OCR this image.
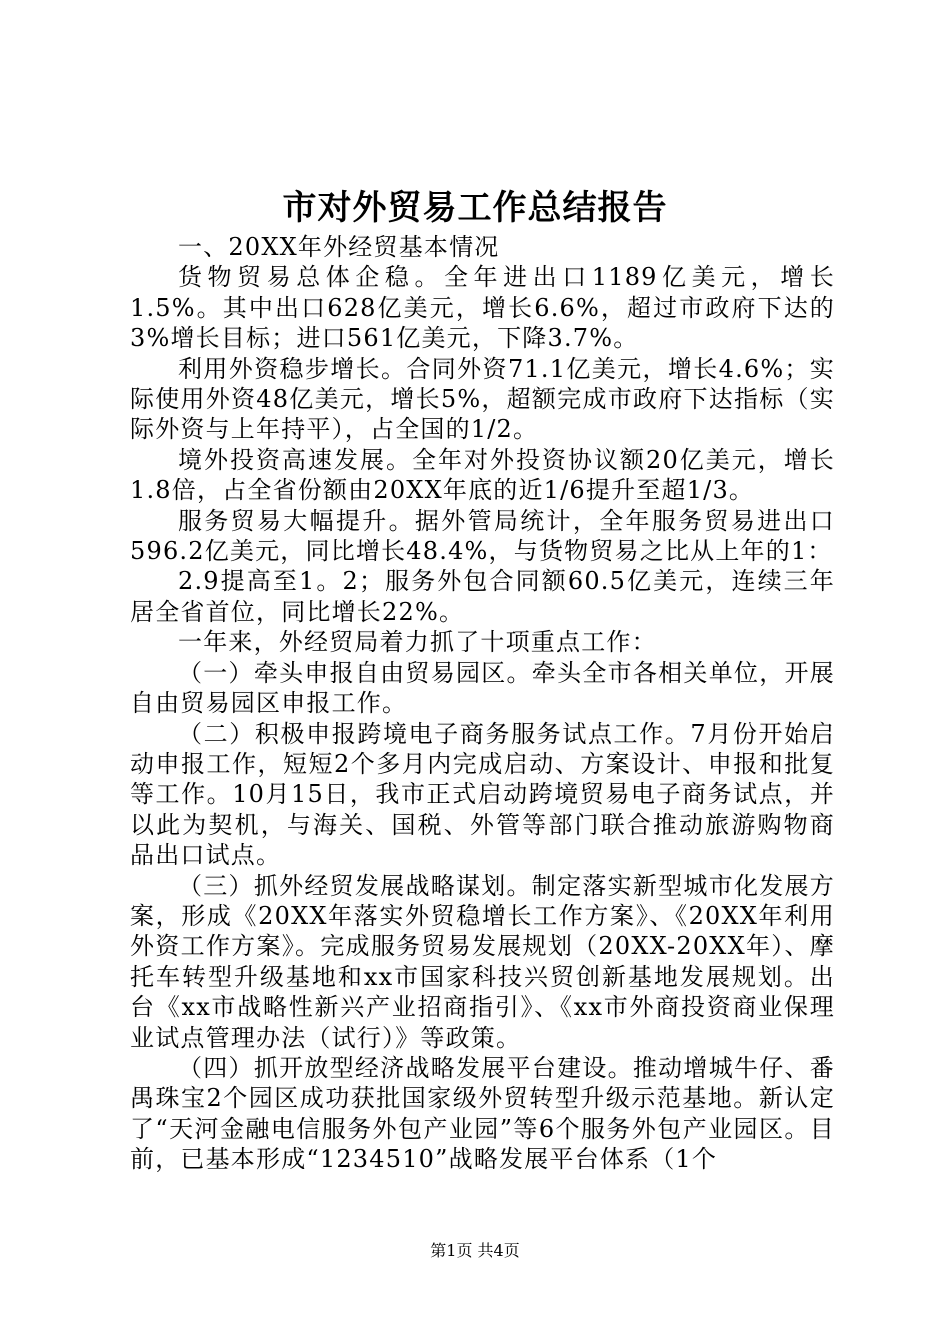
市对外贸易工作总结报告

一、20XX年外经贸基本情况

货物贸易总体企稳。全年进出口1189亿美元，增长1.5%。其中出口628亿美元，增长6.6%，超过市政府下达的3%增长目标；进口561亿美元，下降3.7%。

利用外资稳步增长。合同外资71.1亿美元，增长4.6%；实际使用外资48亿美元，增长5%，超额完成市政府下达指标（实际外资与上年持平），占全国的1/2。

境外投资高速发展。全年对外投资协议额20亿美元，增长1.8倍，占全省份额由20XX年底的近1/6提升至超1/3。

服务贸易大幅提升。据外管局统计，全年服务贸易进出口596.2亿美元，同比增长48.4%，与货物贸易之比从上年的1：

2.9提高至1。2；服务外包合同额60.5亿美元，连续三年居全省首位，同比增长22%。

一年来，外经贸局着力抓了十项重点工作：

（一）牵头申报自由贸易园区。牵头全市各相关单位，开展自由贸易园区申报工作。

（二）积极申报跨境电子商务服务试点工作。7月份开始启动申报工作，短短2个多月内完成启动、方案设计、申报和批复等工作。10月15日，我市正式启动跨境贸易电子商务试点，并以此为契机，与海关、国税、外管等部门联合推动旅游购物商品出口试点。

（三）抓外经贸发展战略谋划。制定落实新型城市化发展方案，形成《20XX年落实外贸稳增长工作方案》、《20XX年利用外资工作方案》。完成服务贸易发展规划（20XX-20XX年）、摩托车转型升级基地和xx市国家科技兴贸创新基地发展规划。出台《xx市战略性新兴产业招商指引》、《xx市外商投资商业保理业试点管理办法（试行）》等政策。

（四）抓开放型经济战略发展平台建设。推动增城牛仔、番禺珠宝2个园区成功获批国家级外贸转型升级示范基地。新认定了“天河金融电信服务外包产业园”等6个服务外包产业园区。目前，已基本形成“1234510”战略发展平台体系（1个

第1页 共4页
